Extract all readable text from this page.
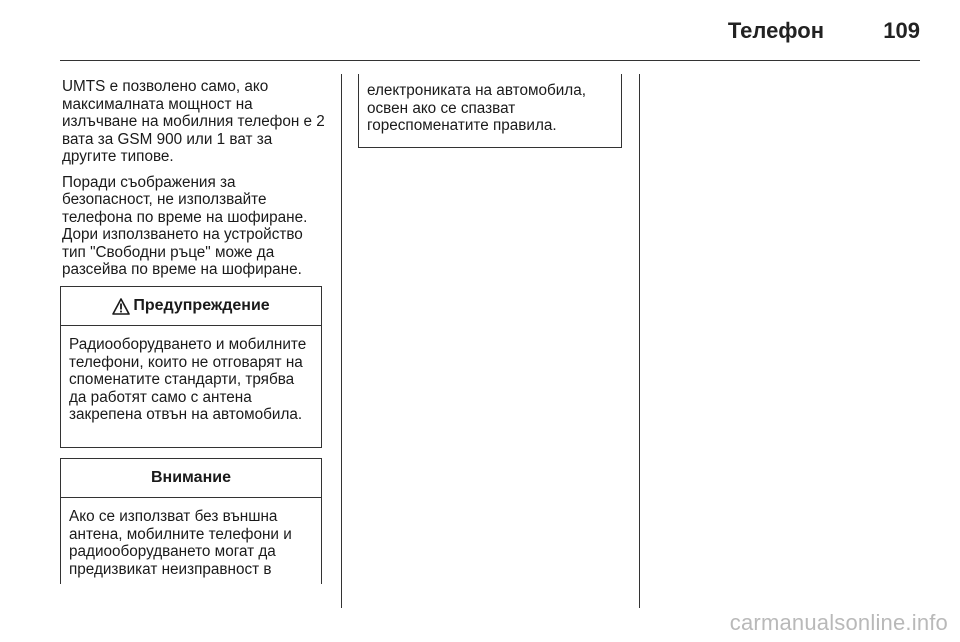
Телефон	109

UMTS е позволено само, ако максималната мощност на излъчване на мобилния телефон е 2 вата за GSM 900 или 1 ват за другите типове.

Поради съображения за безопасност, не използвайте телефона по време на шофиране. Дори използването на устройство тип "Свободни ръце" може да разсейва по време на шофиране.

Предупреждение
Радиооборудването и мобилните телефони, които не отговарят на споменатите стандарти, трябва да работят само с антена закрепена отвън на автомобила.
Внимание
Ако се използват без външна антена, мобилните телефони и радиооборудването могат да предизвикат неизправност в
електрониката на автомобила, освен ако се спазват гореспоменатите правила.
carmanualsonline.info
